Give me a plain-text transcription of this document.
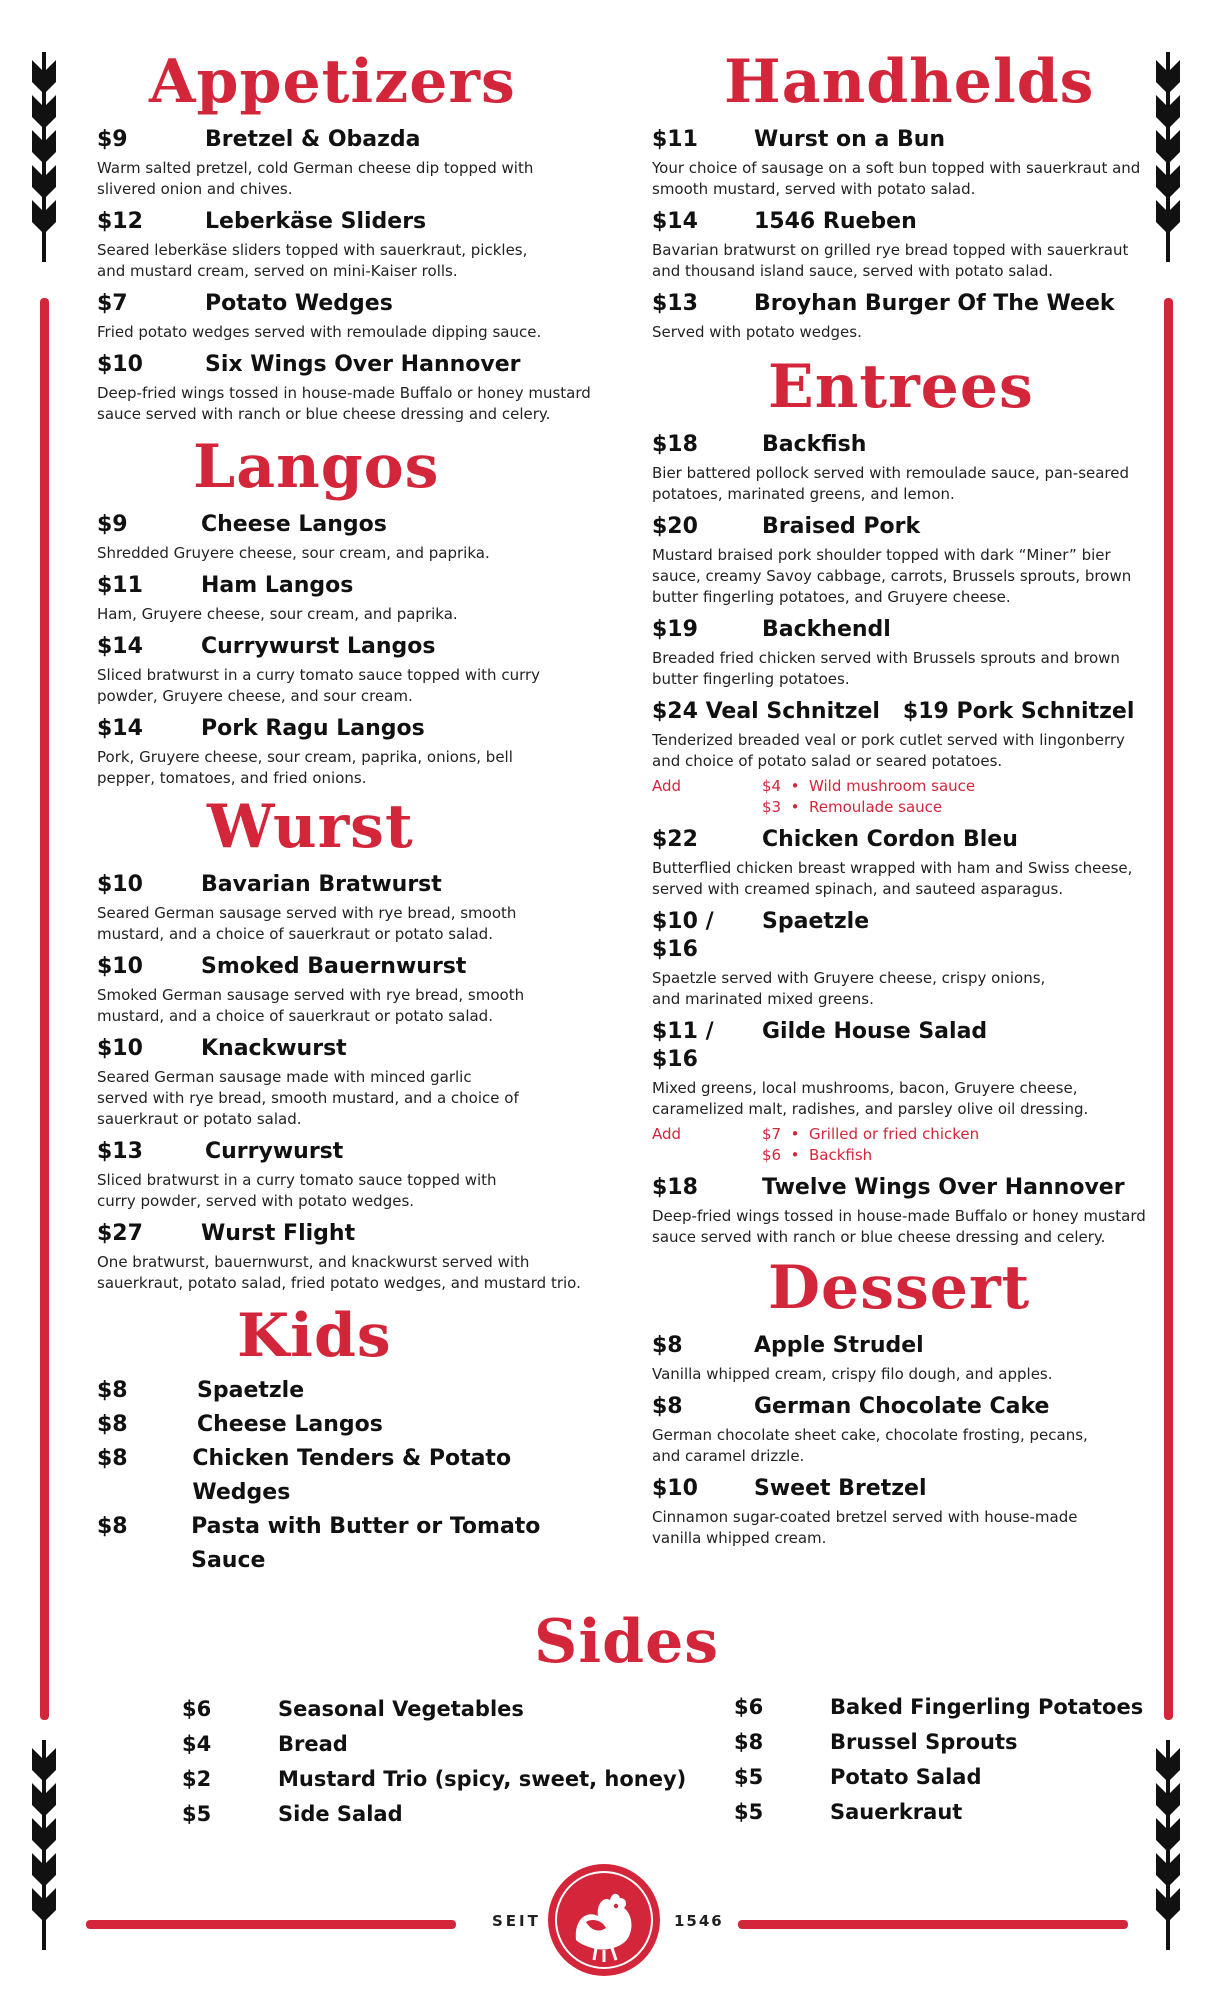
Appetizers
$9	Bretzel & Obazda
Warm salted pretzel, cold German cheese dip topped with slivered onion and chives.
$12	Leberkäse Sliders
Seared leberkäse sliders topped with sauerkraut, pickles, and mustard cream, served on mini-Kaiser rolls.
$7	Potato Wedges
Fried potato wedges served with remoulade dipping sauce.
$10	Six Wings Over Hannover
Deep-fried wings tossed in house-made Buffalo or honey mustard sauce served with ranch or blue cheese dressing and celery.
Langos
$9	Cheese Langos
Shredded Gruyere cheese, sour cream, and paprika.
$11	Ham Langos
Ham, Gruyere cheese, sour cream, and paprika.
$14	Currywurst Langos
Sliced bratwurst in a curry tomato sauce topped with curry powder, Gruyere cheese, and sour cream.
$14	Pork Ragu Langos
Pork, Gruyere cheese, sour cream, paprika, onions, bell pepper, tomatoes, and fried onions.
Wurst
$10	Bavarian Bratwurst
Seared German sausage served with rye bread, smooth mustard, and a choice of sauerkraut or potato salad.
$10	Smoked Bauernwurst
Smoked German sausage served with rye bread, smooth mustard, and a choice of sauerkraut or potato salad.
$10	Knackwurst
Seared German sausage made with minced garlic served with rye bread, smooth mustard, and a choice of sauerkraut or potato salad.
$13	Currywurst
Sliced bratwurst in a curry tomato sauce topped with curry powder, served with potato wedges.
$27	Wurst Flight
One bratwurst, bauernwurst, and knackwurst served with sauerkraut, potato salad, fried potato wedges, and mustard trio.
Kids
$8	Spaetzle
$8	Cheese Langos
$8	Chicken Tenders & Potato Wedges
$8	Pasta with Butter or Tomato Sauce
Handhelds
$11	Wurst on a Bun
Your choice of sausage on a soft bun topped with sauerkraut and smooth mustard, served with potato salad.
$14	1546 Rueben
Bavarian bratwurst on grilled rye bread topped with sauerkraut and thousand island sauce, served with potato salad.
$13	Broyhan Burger Of The Week
Served with potato wedges.
Entrees
$18	Backfish
Bier battered pollock served with remoulade sauce, pan-seared potatoes, marinated greens, and lemon.
$20	Braised Pork
Mustard braised pork shoulder topped with dark “Miner” bier sauce, creamy Savoy cabbage, carrots, Brussels sprouts, brown butter fingerling potatoes, and Gruyere cheese.
$19	Backhendl
Breaded fried chicken served with Brussels sprouts and brown butter fingerling potatoes.
$24 Veal Schnitzel   $19 Pork Schnitzel
Tenderized breaded veal or pork cutlet served with lingonberry and choice of potato salad or seared potatoes.
Add	$4  •  Wild mushroom sauce
$3  •  Remoulade sauce
$22	Chicken Cordon Bleu
Butterflied chicken breast wrapped with ham and Swiss cheese, served with creamed spinach, and sauteed asparagus.
$10 / $16
Spaetzle
Spaetzle served with Gruyere cheese, crispy onions, and marinated mixed greens.
$11 / $16
Gilde House Salad
Mixed greens, local mushrooms, bacon, Gruyere cheese, caramelized malt, radishes, and parsley olive oil dressing.
Add	$7  •  Grilled or fried chicken
$6  •  Backfish
$18	Twelve Wings Over Hannover
Deep-fried wings tossed in house-made Buffalo or honey mustard sauce served with ranch or blue cheese dressing and celery.
Dessert
$8	Apple Strudel
Vanilla whipped cream, crispy filo dough, and apples.
$8	German Chocolate Cake
German chocolate sheet cake, chocolate frosting, pecans, and caramel drizzle.
$10	Sweet Bretzel
Cinnamon sugar-coated bretzel served with house-made vanilla whipped cream.
Sides
$6	Seasonal Vegetables
$4	Bread
$2	Mustard Trio (spicy, sweet, honey)
$5	Side Salad
$6	Baked Fingerling Potatoes
$8	Brussel Sprouts
$5	Potato Salad
$5	Sauerkraut
SEIT	1546
